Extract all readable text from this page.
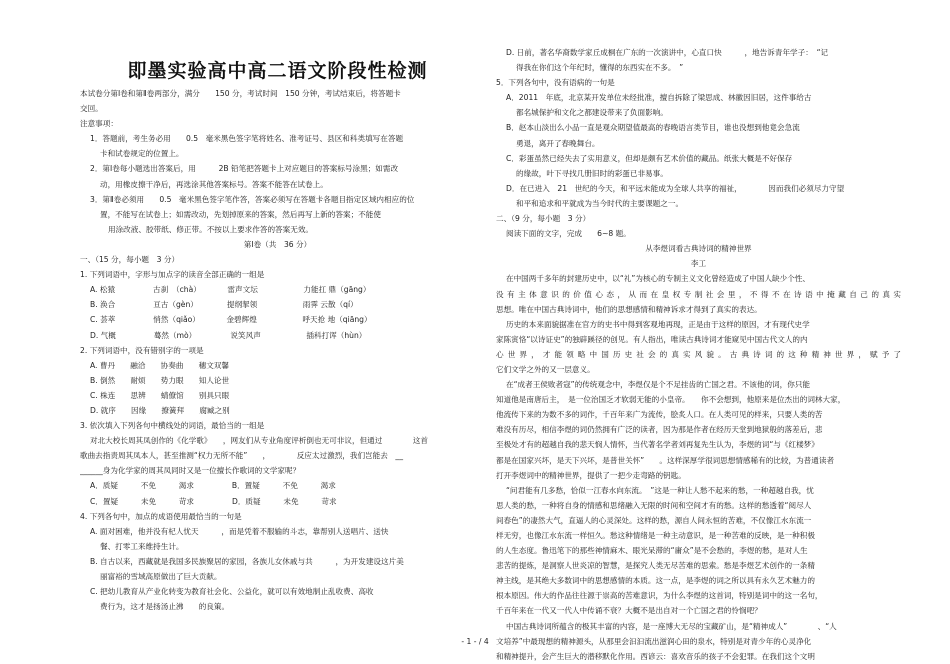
即墨实验高中高二语文阶段性检测
本试卷分第Ⅰ卷和第Ⅱ卷两部分，满分　　150 分，考试时间　150 分钟，考试结束后，将答题卡
交回。
注意事项：
1．答题前，考生务必用　　0.5　毫米黑色签字笔将姓名、准考证号、县区和科类填写在答题
卡和试卷规定的位置上。
2．第Ⅰ卷每小题选出答案后，用　　　2B 铅笔把答题卡上对应题目的答案标号涂黑；如需改
动，用橡皮擦干净后，再选涂其他答案标号。答案不能答在试卷上。
3．第Ⅱ卷必须用　　0.5　毫米黑色签字笔作答，答案必须写在答题卡各题目指定区域内相应的位
置，不能写在试卷上；如需改动，先划掉原来的答案，然后再写上新的答案；不能使
用涂改液、胶带纸、修正带。不按以上要求作答的答案无效。
第Ⅰ卷（共　36 分）
一、（15 分，每小题　3 分）
1. 下列词语中，字形与加点字的读音全部正确的一组是
A. 松猿　　　　　古刹　（chà）　　　　雷声文坛　　　　　　力能扛 鼎（gāng）
B. 涣合　　　　　亘古（gèn）　　　　 提纲挈领　　　　　　雨霁 云散（qí）
C. 荟萃　　　　　悄然（qiǎo）　　　　金碧辉煌　　　　　　呼天抢 地（qiāng）
D. 气概　　　　　蓦然（mò）　　　　　说笑风声　　　　　　插科打诨（hùn）
2. 下列词语中，没有错别字的一项是
A. 曹丹　　融洽　　协奏曲　　穗文双馨
B. 倒然　　耐烦　　势力眼　　知人论世
C. 株连　　思辨　　蜻僚馆　　别具只眼
D. 就序　　因缘　　撩簧拜　　腐臧之别
3. 依次填入下列各句中横线处的词语，最恰当的一组是
对北大校长周其凤创作的《化学歌》　　，网友们从专业角度评析倒也无可非议，但通过　　　　这首
歌曲去指责周其凤本人，甚至推测“权力无所不能”　　，　　　　反应太过激烈，我们岂能去　__
______身为化学家的周其凤同时又是一位擅长作歌词的文学家呢？
A．质疑　　　不免　　　渴求　　　　　B．置疑　　　不免　　　渴求
C．置疑　　　未免　　　苛求　　　　　D．质疑　　　未免　　　苛求
4. 下列各句中，加点的成语使用最恰当的一句是
A. 面对困难，他并没有杞人忧天　　　，而是凭着不服输的斗志，靠帮别人送唱片、送快
餐、打零工来维持生计。
B. 自古以来，西藏就是我国多民族聚居的家园，各族儿女休戚与共　　　，为开发建设这片美
丽富裕的雪域高原做出了巨大贡献。
C. 把幼儿教育从产业化转变为教育社会化、公益化，就可以有效地制止乱收费、高收
费行为，这才是扬汤止沸　　的良策。
D. 日前，著名华裔数学家丘成桐在广东的一次演讲中，心直口快　　　，地告诉青年学子：　“记
得我在你们这个年纪时，懂得的东西实在不多。　”
5．下列各句中，没有语病的一句是
A．2011　年底，北京某开发单位未经批准，擅自拆除了梁思成、林徽因旧居，这件事给古
都名城保护和文化之都建设带来了负面影响。
B．赵本山淡出么小品一直是观众期望值最高的春晚语言类节目，谁也没想到他竟会急流
勇退，离开了春晚舞台。
C．彩蛋虽然已经失去了实用意义，但却是颇有艺术价值的藏品。纸张大概是不好保存
的缘故，叶下寻找几册旧时的彩蛋已非易事。
D．在已进入　21　世纪的今天，和平远未能成为全球人共享的福祉，　　　　因而我们必须尽力守望
和平和追求和平就成为当今时代的主要课题之一。
二、（9 分，每小题　3 分）
阅读下面的文字，完成　　6~8 题。
从李煜词看古典诗词的精神世界
李工
在中国两千多年的封建历史中，以“礼”为核心的专制主义文化曾经造成了中国人缺少个性、
没有主体意识的价值心态，从而在皇权专制社会里，不得不在诗语中掩藏自己的真实
思想。唯在中国古典诗词中，他们的思想感情和精神诉求才得到了真实的表达。
历史的本来面貌据准在官方的史书中得到客观地再现，正是由于这样的原因，才有现代史学
家陈寅恪“以诗证史”的独辟蹊径的创见。有人指出，唯读古典诗词才能窥见中国古代文人的内
心世界，才能领略中国历史社会的真实风貌。古典诗词的这种精神世界，赋予了
它们文学之外的又一层意义。
在“成者王侯败者寇”的传统观念中，李煜仅是个不足挂齿的亡国之君。不该他的词，你只能
知道他是南唐后主，　是一位治国乏才软弱无能的小皇帝。　　你不会想到，他原来是位杰出的词林大家，
他流传下来的为数不多的词作，千百年来广为流传，脍炙人口。在人类可见的样来，只要人类的苦
难没有历尽，相信李煜的词仍然拥有广泛的读者，因为那是作者在经历天堂到地狱般的落差后，悲
至极处才有的超越自我的悲天悯人情怀，当代著名学者刘再复先生认为，李煜的词“与《红楼梦》
都是在国家兴坏，是天下兴坏，是普世关怀”　　。这样深厚学很词思想情感稀有的比较，为普通读者
打开李煜词中的精神世界，提供了一把少走弯路的钥匙。
“问君能有几多愁，恰似一江春水向东流。　”这是一种让人愁不起来的愁，一种超越自我，忧
思人类的愁，一种将自身的情感和思绪融入无限的时间和空间才有的愁。这样的愁透着“阅尽人
间春色”的凄然大气，直逼人的心灵深处。这样的愁，源自人间永恒的苦难，不仅像江水东流一
样无穷，也像江水东流一样恒久。愁这种情绪是一种主动意识，是一种苦难的反映，是一种积极
的人生态度。鲁迅笔下的那些神情麻木、眼光呆滞的“庸众”是不会愁的，李煜的愁，是对人生
悲苦的提炼，是洞察人世炎凉的智慧，是探究人类无尽苦难的思索。愁是李煜艺术创作的一条精
神主线，是其绝大多数词中的思想感情的本质。这一点，是李煜的词之所以具有永久艺术魅力的
根本原因。伟大的作品往往源于崇高的苦难意识，为什么李煜的这首词，特别是词中的这一名句，
千百年来在一代又一代人中传诵不衰？大概不是出自对一个亡国之君的怜悯吧？
中国古典诗词所蕴含的极其丰富的内容，是一座博大无尽的宝藏矿山，是“精神成人”　　　　、“人
文培养”中最现想的精神源头，从那里会汩汩流出滋润心田的泉水，特别是对青少年的心灵净化
和精神提升，会产生巨大的潜移默化作用。西谚云：喜欢音乐的孩子不会犯罪。在我们这个文明
- 1 - / 4
